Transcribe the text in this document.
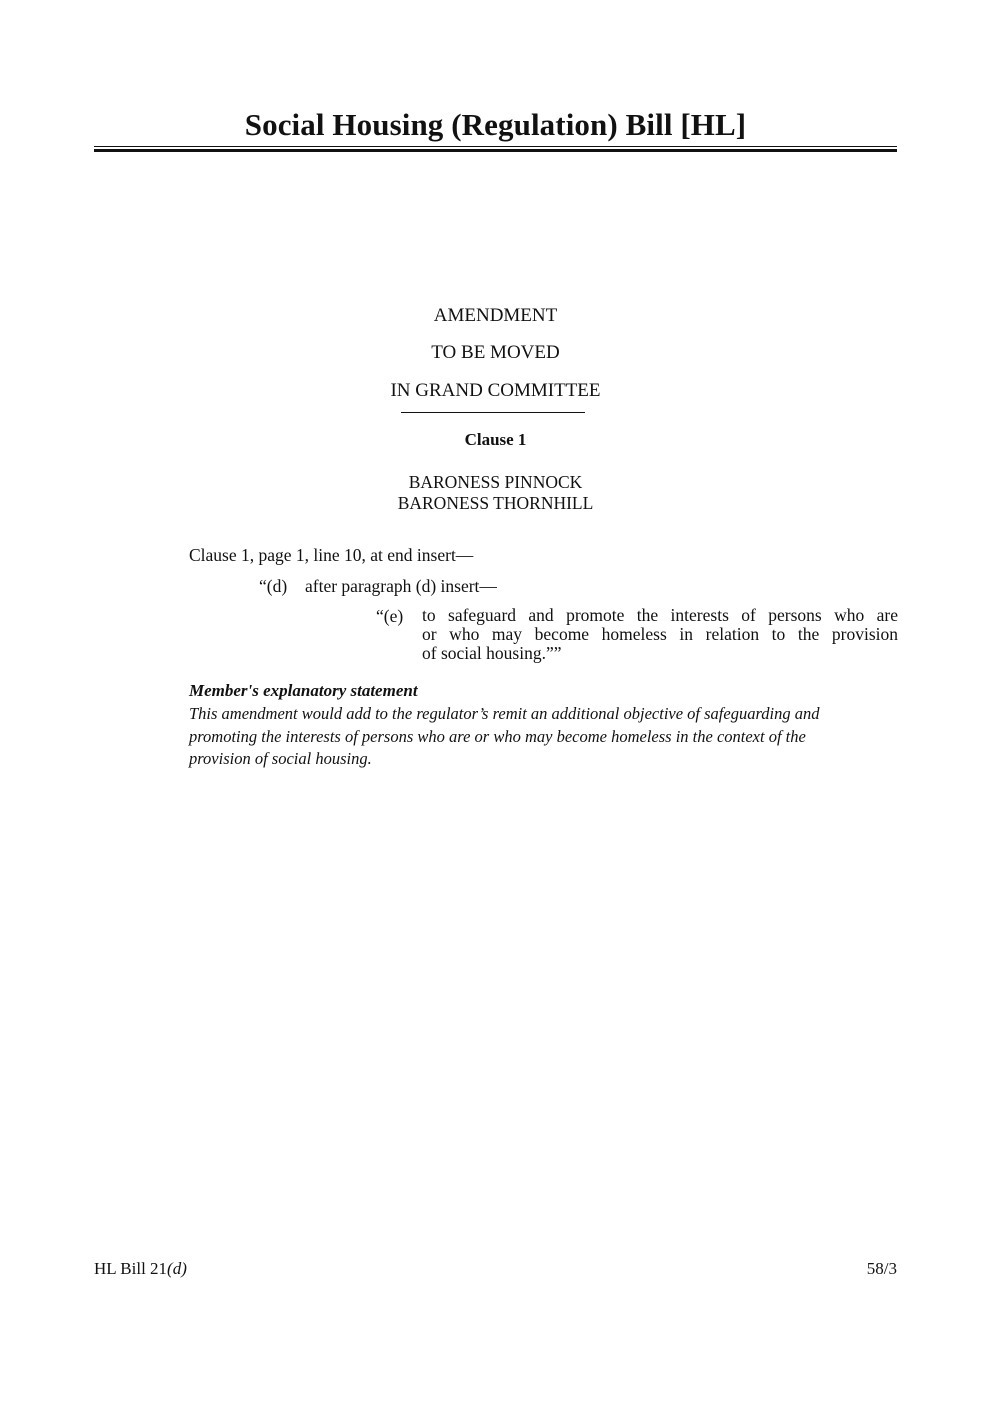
Social Housing (Regulation) Bill [HL]
AMENDMENT
TO BE MOVED
IN GRAND COMMITTEE
Clause 1
BARONESS PINNOCK
BARONESS THORNHILL
Clause 1, page 1, line 10, at end insert—
“(d) after paragraph (d) insert—
“(e) to safeguard and promote the interests of persons who are
or who may become homeless in relation to the provision
of social housing.””
Member's explanatory statement
This amendment would add to the regulator’s remit an additional objective of safeguarding and
promoting the interests of persons who are or who may become homeless in the context of the
provision of social housing.
HL Bill 21(d)	58/3
